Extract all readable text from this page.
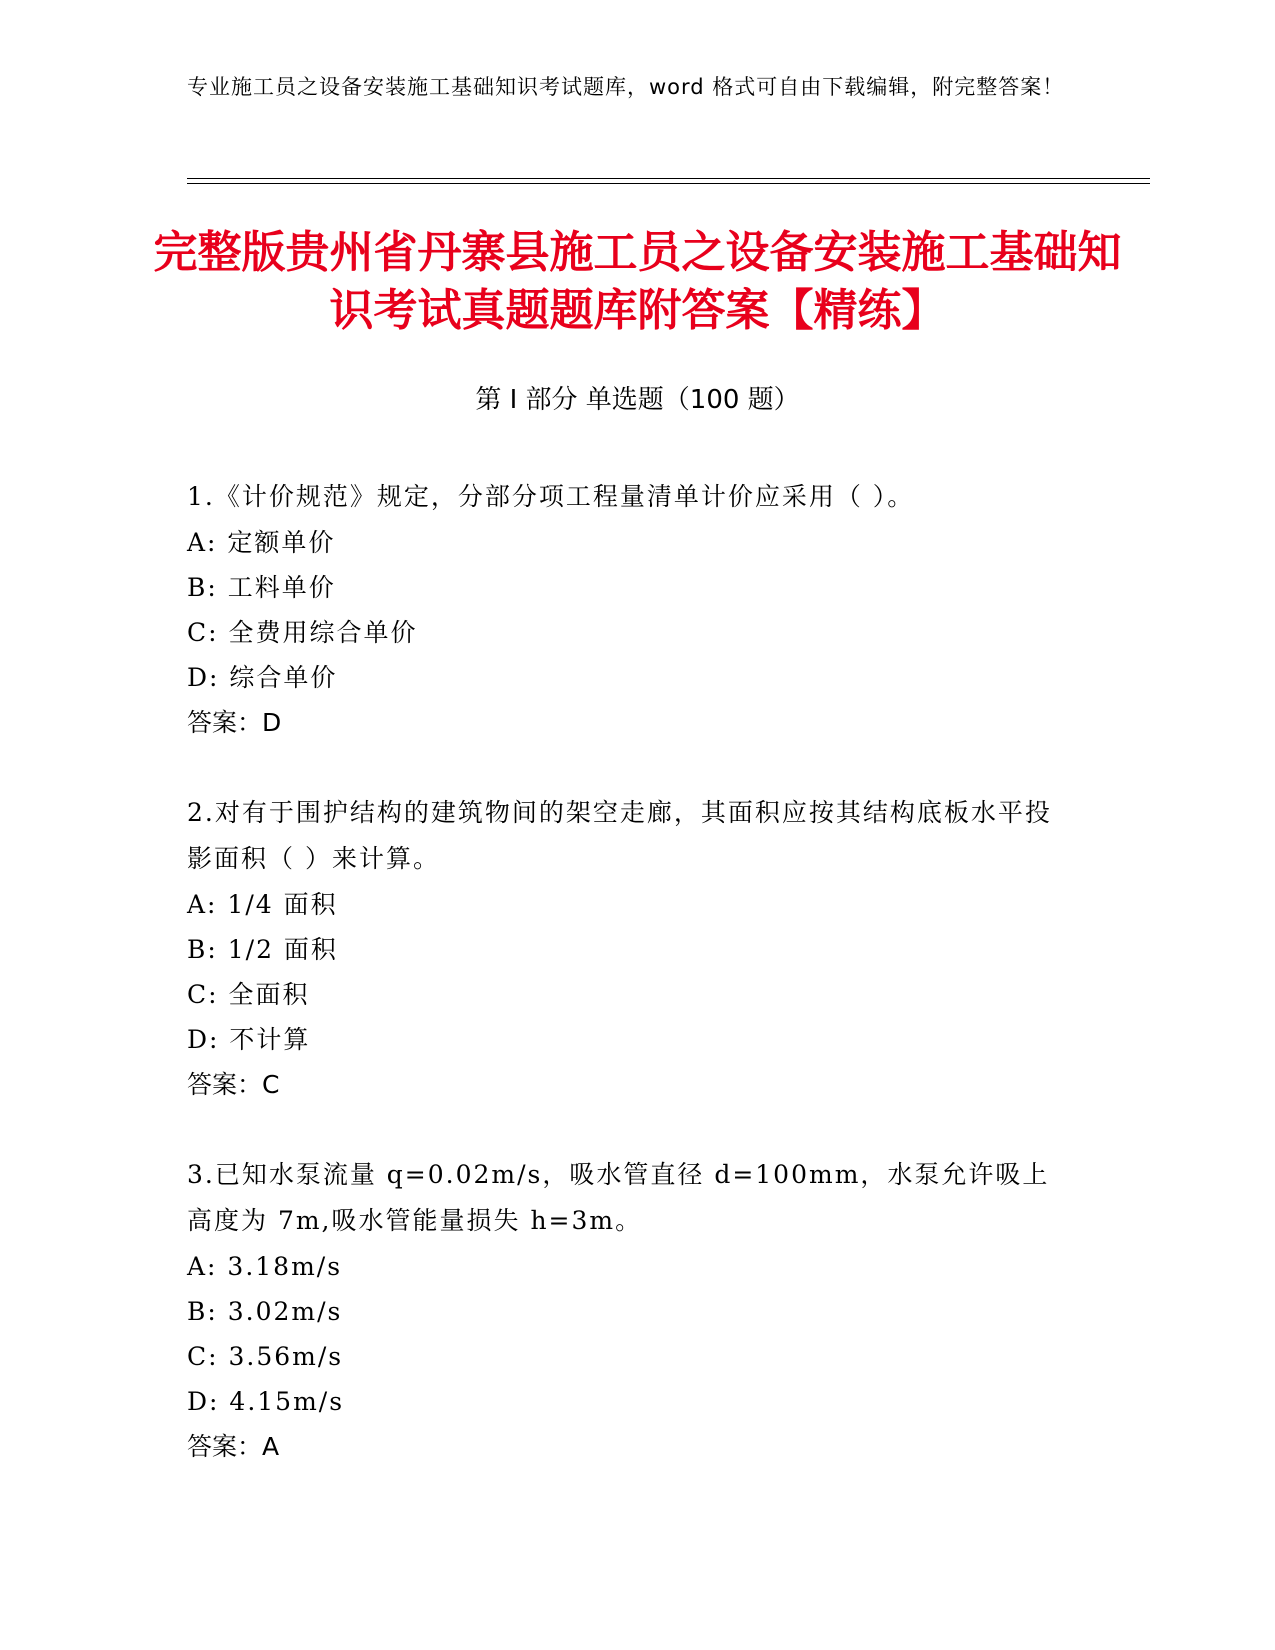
专业施工员之设备安装施工基础知识考试题库，word 格式可自由下载编辑，附完整答案！
完整版贵州省丹寨县施工员之设备安装施工基础知识考试真题题库附答案【精练】
第 I 部分 单选题（100 题）
1.《计价规范》规定，分部分项工程量清单计价应采用（ ）。
A: 定额单价
B: 工料单价
C: 全费用综合单价
D: 综合单价
答案：D
2.对有于围护结构的建筑物间的架空走廊，其面积应按其结构底板水平投影面积（ ）来计算。
A: 1/4 面积
B: 1/2 面积
C: 全面积
D: 不计算
答案：C
3.已知水泵流量 q=0.02m/s，吸水管直径 d=100mm，水泵允许吸上高度为 7m,吸水管能量损失 h=3m。
A: 3.18m/s
B: 3.02m/s
C: 3.56m/s
D: 4.15m/s
答案：A
